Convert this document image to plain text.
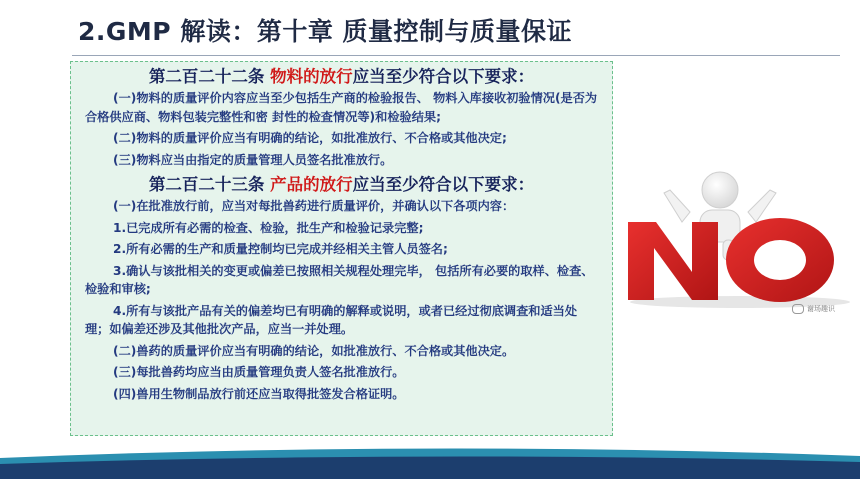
2.GMP 解读：第十章 质量控制与质量保证

第二百二十二条 物料的放行应当至少符合以下要求：

(一)物料的质量评价内容应当至少包括生产商的检验报告、 物料入库接收初验情况(是否为合格供应商、物料包装完整性和密 封性的检查情况等)和检验结果;

(二)物料的质量评价应当有明确的结论，如批准放行、不合格或其他决定;

(三)物料应当由指定的质量管理人员签名批准放行。

第二百二十三条 产品的放行应当至少符合以下要求：

(一)在批准放行前，应当对每批兽药进行质量评价，并确认以下各项内容：

1.已完成所有必需的检查、检验，批生产和检验记录完整;

2.所有必需的生产和质量控制均已完成并经相关主管人员签名;

3.确认与该批相关的变更或偏差已按照相关规程处理完毕， 包括所有必要的取样、检查、检验和审核;

4.所有与该批产品有关的偏差均已有明确的解释或说明，或者已经过彻底调查和适当处理；如偏差还涉及其他批次产品，应当一并处理。

(二)兽药的质量评价应当有明确的结论，如批准放行、不合格或其他决定。

(三)每批兽药均应当由质量管理负责人签名批准放行。

(四)兽用生物制品放行前还应当取得批签发合格证明。

谢场趣识
